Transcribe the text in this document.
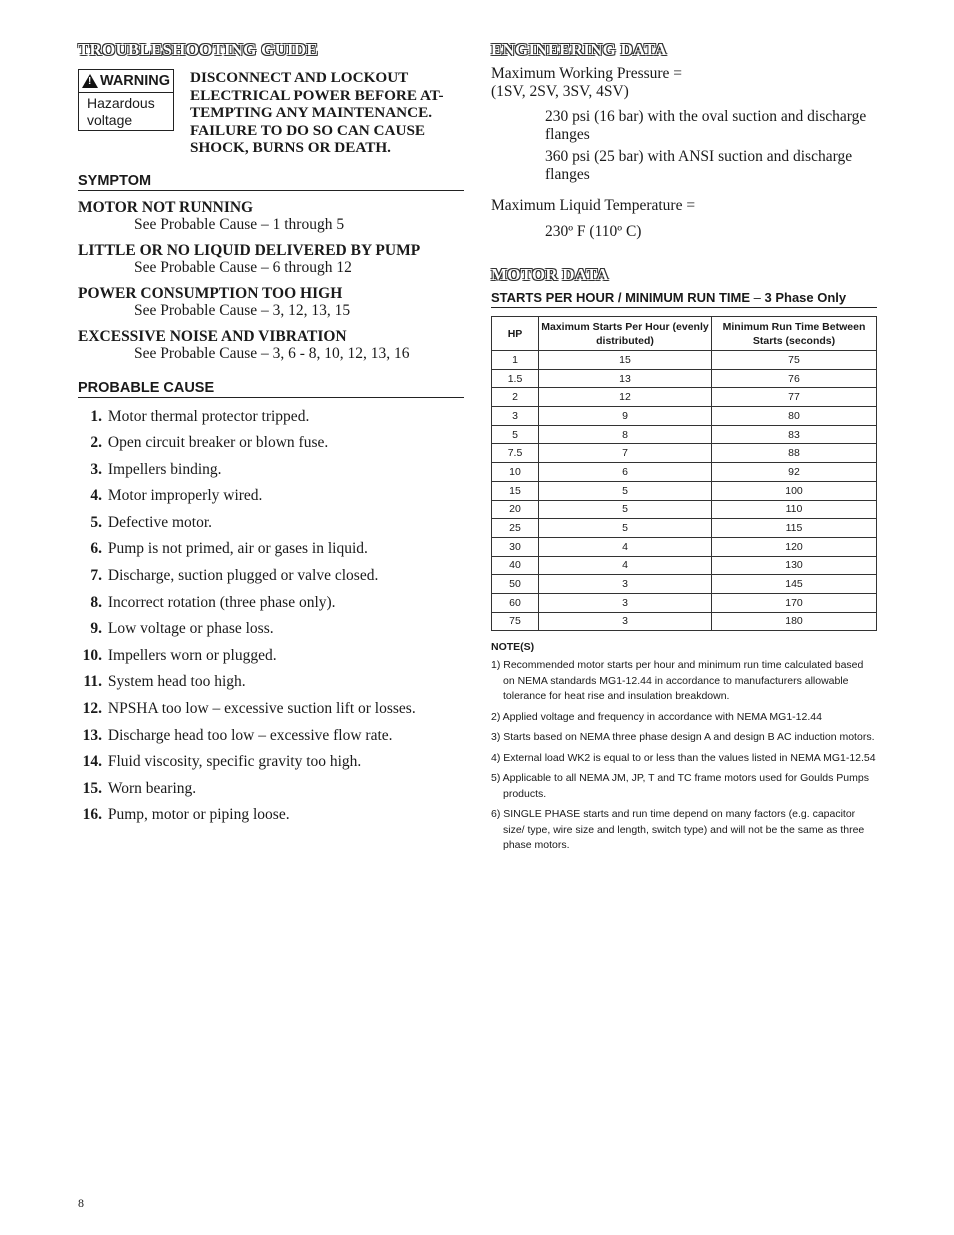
TROUBLESHOOTING GUIDE
! WARNING
Hazardous
voltage
DISCONNECT AND LOCKOUT ELECTRICAL POWER BEFORE AT-TEMPTING ANY MAINTENANCE. FAILURE TO DO SO CAN CAUSE SHOCK, BURNS OR DEATH.
SYMPTOM
MOTOR NOT RUNNING
See Probable Cause – 1 through 5
LITTLE OR NO LIQUID DELIVERED BY PUMP
See Probable Cause – 6 through 12
POWER CONSUMPTION TOO HIGH
See Probable Cause – 3, 12, 13, 15
EXCESSIVE NOISE AND VIBRATION
See Probable Cause – 3, 6 - 8, 10, 12, 13, 16
PROBABLE CAUSE
1. Motor thermal protector tripped.
2. Open circuit breaker or blown fuse.
3. Impellers binding.
4. Motor improperly wired.
5. Defective motor.
6. Pump is not primed, air or gases in liquid.
7. Discharge, suction plugged or valve closed.
8. Incorrect rotation (three phase only).
9. Low voltage or phase loss.
10. Impellers worn or plugged.
11. System head too high.
12. NPSHA too low – excessive suction lift or losses.
13. Discharge head too low – excessive flow rate.
14. Fluid viscosity, specific gravity too high.
15. Worn bearing.
16. Pump, motor or piping loose.
ENGINEERING DATA
Maximum Working Pressure =
(1SV, 2SV, 3SV, 4SV)
230 psi (16 bar) with the oval suction and discharge flanges
360 psi (25 bar) with ANSI suction and discharge flanges
Maximum Liquid Temperature =
230º F (110º C)
MOTOR DATA
STARTS PER HOUR / MINIMUM RUN TIME – 3 Phase Only
HP	Maximum Starts Per Hour (evenly distributed)	Minimum Run Time Between Starts (seconds)
1	15	75
1.5	13	76
2	12	77
3	9	80
5	8	83
7.5	7	88
10	6	92
15	5	100
20	5	110
25	5	115
30	4	120
40	4	130
50	3	145
60	3	170
75	3	180
NOTE(S)
1) Recommended motor starts per hour and minimum run time calculated based on NEMA standards MG1-12.44 in accordance to manufacturers allowable tolerance for heat rise and insulation breakdown.
2) Applied voltage and frequency in accordance with NEMA MG1-12.44
3) Starts based on NEMA three phase design A and design B AC induction motors.
4) External load WK2 is equal to or less than the values listed in NEMA MG1-12.54
5) Applicable to all NEMA JM, JP, T and TC frame motors used for Goulds Pumps products.
6) SINGLE PHASE starts and run time depend on many factors (e.g. capacitor size/ type, wire size and length, switch type) and will not be the same as three phase motors.
8
